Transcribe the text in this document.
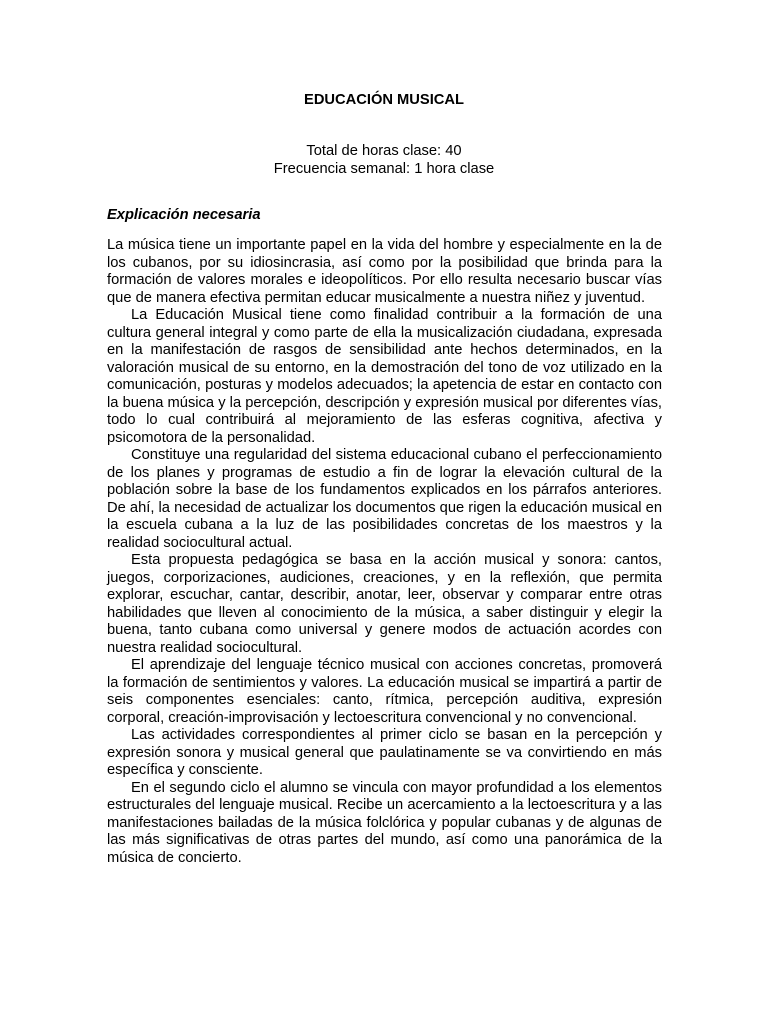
EDUCACIÓN MUSICAL
Total de horas clase: 40
Frecuencia semanal: 1 hora clase
Explicación necesaria

La música tiene un importante papel en la vida del hombre y especialmente en la de los cubanos, por su idiosincrasia, así como por la posibilidad que brinda para la formación de valores morales e ideopolíticos. Por ello resulta necesario buscar vías que de manera efectiva permitan educar musicalmente a nuestra niñez y juventud.

La Educación Musical tiene como finalidad contribuir a la formación de una cultura general integral y como parte de ella la musicalización ciudadana, expresada en la manifestación de rasgos de sensibilidad ante hechos determinados, en la valoración musical de su entorno, en la demostración del tono de voz utilizado en la comunicación, posturas y modelos adecuados; la apetencia de estar en contacto con la buena música y la percepción, descripción y expresión musical por diferentes vías, todo lo cual contribuirá al mejoramiento de las esferas cognitiva, afectiva y psicomotora de la personalidad.

Constituye una regularidad del sistema educacional cubano el perfeccionamiento de los planes y programas de estudio a fin de lograr la elevación cultural de la población sobre la base de los fundamentos explicados en los párrafos anteriores. De ahí, la necesidad de actualizar los documentos que rigen la educación musical en la escuela cubana a la luz de las posibilidades concretas de los maestros y la realidad sociocultural actual.

Esta propuesta pedagógica se basa en la acción musical y sonora: cantos, juegos, corporizaciones, audiciones, creaciones, y en la reflexión, que permita explorar, escuchar, cantar, describir, anotar, leer, observar y comparar entre otras habilidades que lleven al conocimiento de la música, a saber distinguir y elegir la buena, tanto cubana como universal y genere modos de actuación acordes con nuestra realidad sociocultural.

El aprendizaje del lenguaje técnico musical con acciones concretas, promoverá la formación de sentimientos y valores. La educación musical se impartirá a partir de seis componentes esenciales: canto, rítmica, percepción auditiva, expresión corporal, creación-improvisación y lectoescritura convencional y no convencional.

Las actividades correspondientes al primer ciclo se basan en la percepción y expresión sonora y musical general que paulatinamente se va convirtiendo en más específica y consciente.

En el segundo ciclo el alumno se vincula con mayor profundidad a los elementos estructurales del lenguaje musical. Recibe un acercamiento a la lectoescritura y a las manifestaciones bailadas de la música folclórica y popular cubanas y de algunas de las más significativas de otras partes del mundo, así como una panorámica de la música de concierto.
